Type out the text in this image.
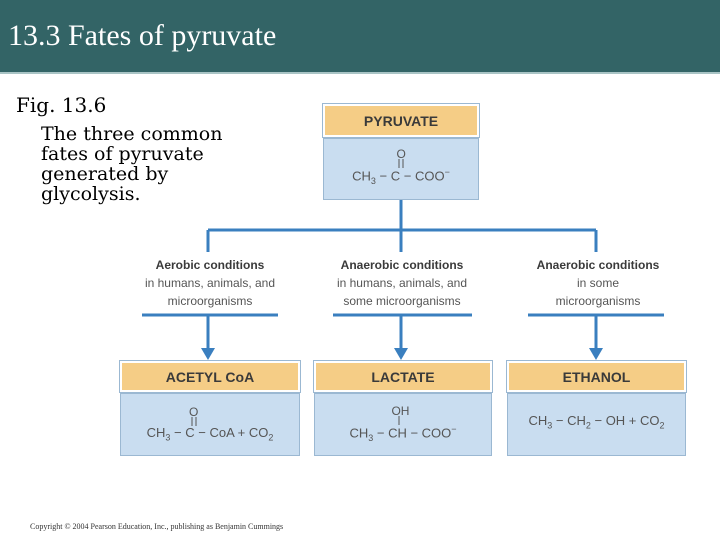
13.3 Fates of pyruvate
Fig. 13.6
The three common fates of pyruvate generated by glycolysis.
PYRUVATE
O
$CH_3 - C - COO^-$
Aerobic conditions
in humans, animals, and
microorganisms
Anaerobic conditions
in humans, animals, and
some microorganisms
Anaerobic conditions
in some
microorganisms
ACETYL CoA
O
$CH_3 - C$ − CoA + $CO_2$
LACTATE
OH
$CH_3$ − CH − COO−
ETHANOL
$CH_3 - CH_2$ − OH + $CO_2$
Copyright © 2004 Pearson Education, Inc., publishing as Benjamin Cummings
